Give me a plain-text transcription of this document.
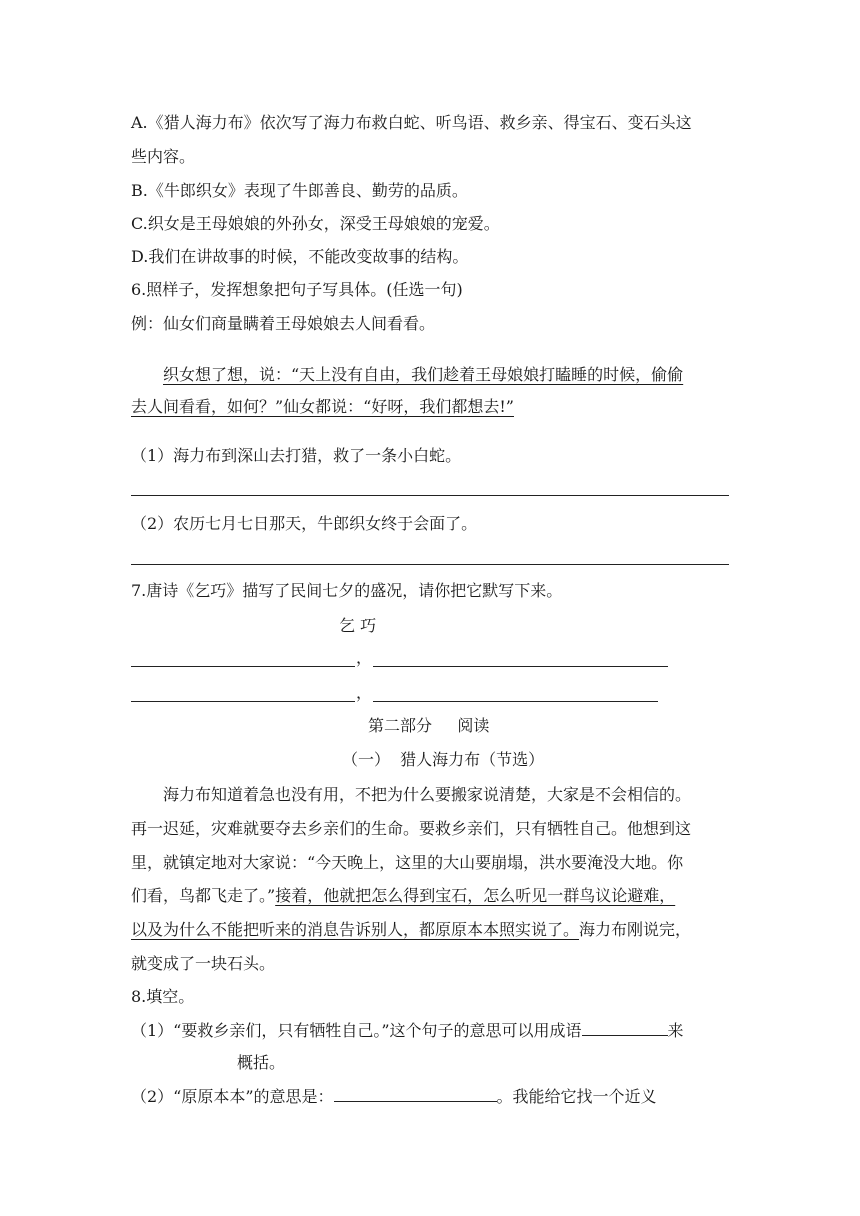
A.《猎人海力布》依次写了海力布救白蛇、听鸟语、救乡亲、得宝石、变石头这
些内容。
B.《牛郎织女》表现了牛郎善良、勤劳的品质。
C.织女是王母娘娘的外孙女，深受王母娘娘的宠爱。
D.我们在讲故事的时候，不能改变故事的结构。
6.照样子，发挥想象把句子写具体。(任选一句)
例：仙女们商量瞒着王母娘娘去人间看看。
织女想了想，说：“天上没有自由，我们趁着王母娘娘打瞌睡的时候，偷偷
去人间看看，如何？”仙女都说：“好呀，我们都想去!”
（1）海力布到深山去打猎，救了一条小白蛇。
（2）农历七月七日那天，牛郎织女终于会面了。
7.唐诗《乞巧》描写了民间七夕的盛况，请你把它默写下来。
乞 巧
，
，
第二部分     阅读
（一）  猎人海力布（节选）
海力布知道着急也没有用，不把为什么要搬家说清楚，大家是不会相信的。
再一迟延，灾难就要夺去乡亲们的生命。要救乡亲们，只有牺牲自己。他想到这
里，就镇定地对大家说：“今天晚上，这里的大山要崩塌，洪水要淹没大地。你
们看，鸟都飞走了。”接着，他就把怎么得到宝石，怎么听见一群鸟议论避难，
以及为什么不能把听来的消息告诉别人，都原原本本照实说了。海力布刚说完，
就变成了一块石头。
8.填空。
（1）“要救乡亲们，只有牺牲自己。”这个句子的意思可以用成语	来
概括。
（2）“原原本本”的意思是：	。我能给它找一个近义
